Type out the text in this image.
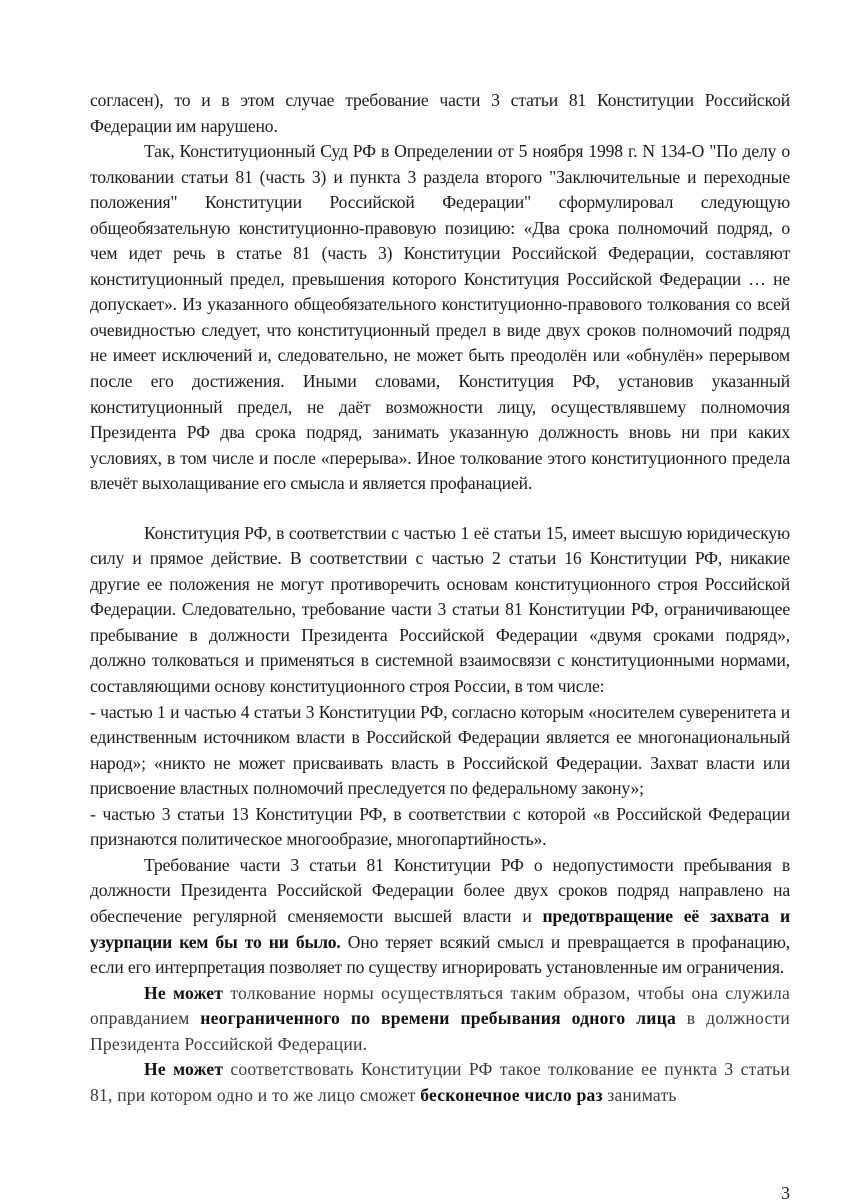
согласен), то и в этом случае требование части 3 статьи 81 Конституции Российской Федерации им нарушено.

Так, Конституционный Суд РФ в Определении от 5 ноября 1998 г. N 134-О "По делу о толковании статьи 81 (часть 3) и пункта 3 раздела второго "Заключительные и переходные положения" Конституции Российской Федерации" сформулировал следующую общеобязательную конституционно-правовую позицию: «Два срока полномочий подряд, о чем идет речь в статье 81 (часть 3) Конституции Российской Федерации, составляют конституционный предел, превышения которого Конституция Российской Федерации … не допускает». Из указанного общеобязательного конституционно-правового толкования со всей очевидностью следует, что конституционный предел в виде двух сроков полномочий подряд не имеет исключений и, следовательно, не может быть преодолён или «обнулён» перерывом после его достижения. Иными словами, Конституция РФ, установив указанный конституционный предел, не даёт возможности лицу, осуществлявшему полномочия Президента РФ два срока подряд, занимать указанную должность вновь ни при каких условиях, в том числе и после «перерыва». Иное толкование этого конституционного предела влечёт выхолащивание его смысла и является профанацией.

Конституция РФ, в соответствии с частью 1 её статьи 15, имеет высшую юридическую силу и прямое действие. В соответствии с частью 2 статьи 16 Конституции РФ, никакие другие ее положения не могут противоречить основам конституционного строя Российской Федерации. Следовательно, требование части 3 статьи 81 Конституции РФ, ограничивающее пребывание в должности Президента Российской Федерации «двумя сроками подряд», должно толковаться и применяться в системной взаимосвязи с конституционными нормами, составляющими основу конституционного строя России, в том числе:

- частью 1 и частью 4 статьи 3 Конституции РФ, согласно которым «носителем суверенитета и единственным источником власти в Российской Федерации является ее многонациональный народ»; «никто не может присваивать власть в Российской Федерации. Захват власти или присвоение властных полномочий преследуется по федеральному закону»;

- частью 3 статьи 13 Конституции РФ, в соответствии с которой «в Российской Федерации признаются политическое многообразие, многопартийность».

Требование части 3 статьи 81 Конституции РФ о недопустимости пребывания в должности Президента Российской Федерации более двух сроков подряд направлено на обеспечение регулярной сменяемости высшей власти и предотвращение её захвата и узурпации кем бы то ни было. Оно теряет всякий смысл и превращается в профанацию, если его интерпретация позволяет по существу игнорировать установленные им ограничения.

Не может толкование нормы осуществляться таким образом, чтобы она служила оправданием неограниченного по времени пребывания одного лица в должности Президента Российской Федерации.

Не может соответствовать Конституции РФ такое толкование ее пункта 3 статьи 81, при котором одно и то же лицо сможет бесконечное число раз занимать

3
